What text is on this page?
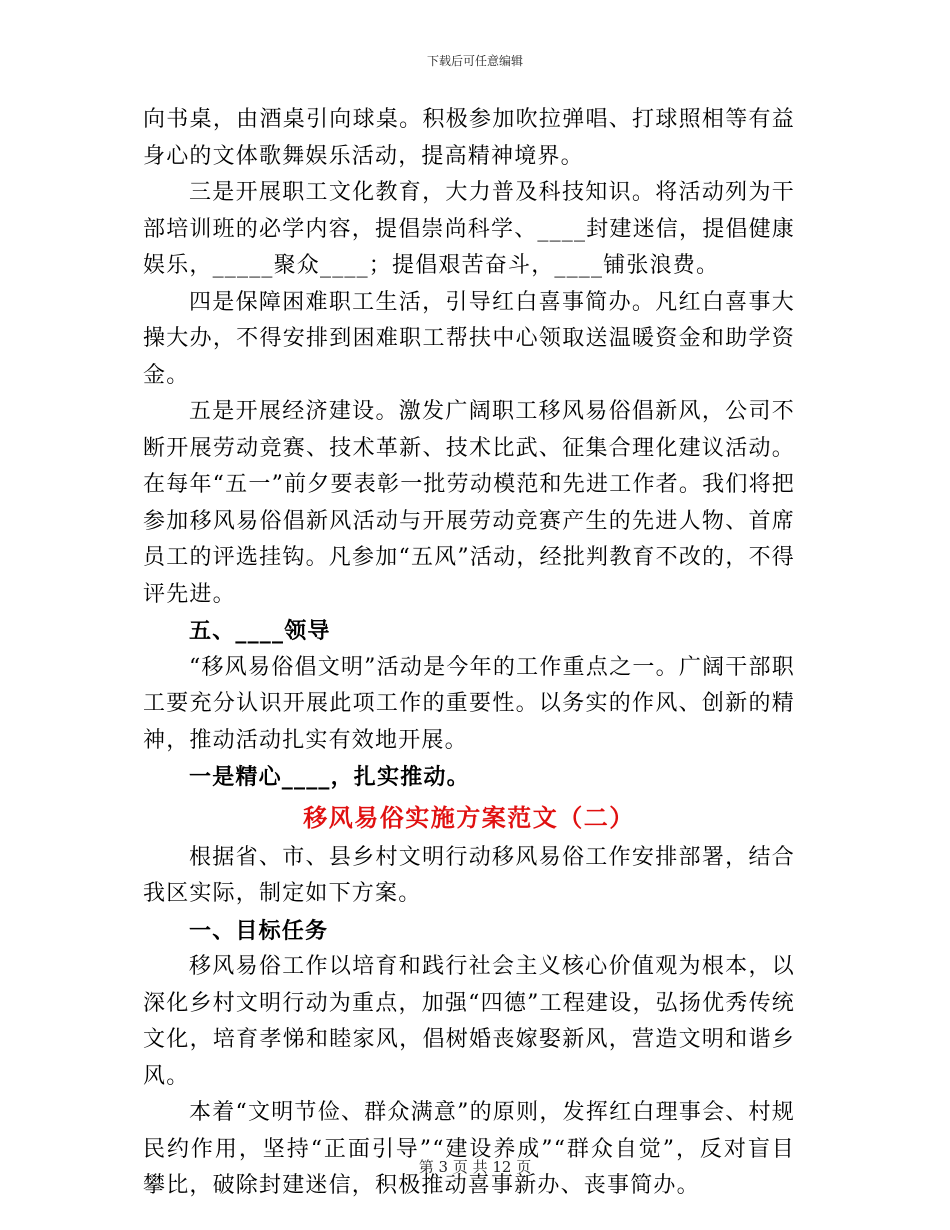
下载后可任意编辑

向书桌，由酒桌引向球桌。积极参加吹拉弹唱、打球照相等有益身心的文体歌舞娱乐活动，提高精神境界。

三是开展职工文化教育，大力普及科技知识。将活动列为干部培训班的必学内容，提倡崇尚科学、____封建迷信，提倡健康娱乐，_____聚众____；提倡艰苦奋斗，____铺张浪费。

四是保障困难职工生活，引导红白喜事简办。凡红白喜事大操大办，不得安排到困难职工帮扶中心领取送温暖资金和助学资金。

五是开展经济建设。激发广阔职工移风易俗倡新风，公司不断开展劳动竞赛、技术革新、技术比武、征集合理化建议活动。在每年“五一”前夕要表彰一批劳动模范和先进工作者。我们将把参加移风易俗倡新风活动与开展劳动竞赛产生的先进人物、首席员工的评选挂钩。凡参加“五风”活动，经批判教育不改的，不得评先进。

五、____领导

“移风易俗倡文明”活动是今年的工作重点之一。广阔干部职工要充分认识开展此项工作的重要性。以务实的作风、创新的精神，推动活动扎实有效地开展。

一是精心____，扎实推动。

移风易俗实施方案范文（二）

根据省、市、县乡村文明行动移风易俗工作安排部署，结合我区实际，制定如下方案。

一、目标任务

移风易俗工作以培育和践行社会主义核心价值观为根本，以深化乡村文明行动为重点，加强“四德”工程建设，弘扬优秀传统文化，培育孝悌和睦家风，倡树婚丧嫁娶新风，营造文明和谐乡风。

本着“文明节俭、群众满意”的原则，发挥红白理事会、村规民约作用，坚持“正面引导”“建设养成”“群众自觉”，反对盲目攀比，破除封建迷信，积极推动喜事新办、丧事简办。

第 3 页 共 12 页
